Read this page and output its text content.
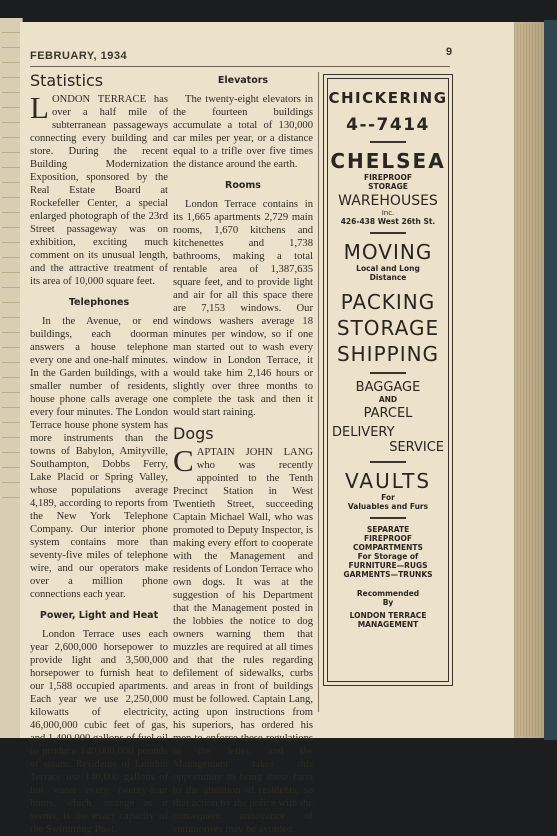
FEBRUARY, 1934	9
Statistics

LONDON TERRACE has over a half mile of subterranean passageways connecting every building and store. During the recent Building Modernization Exposition, sponsored by the Real Estate Board at Rockefeller Center, a special enlarged photograph of the 23rd Street passageway was on exhibition, exciting much comment on its unusual length, and the attractive treatment of its area of 10,000 square feet.

Telephones

In the Avenue, or end buildings, each doorman answers a house telephone every one and one-half minutes. In the Garden buildings, with a smaller number of residents, house phone calls average one every four minutes. The London Terrace house phone system has more instruments than the towns of Babylon, Amityville, Southampton, Dobbs Ferry, Lake Placid or Spring Valley, whose populations average 4,189, according to reports from the New York Telephone Company. Our interior phone system contains more than seventy-five miles of telephone wire, and our operators make over a million phone connections each year.

Power, Light and Heat

London Terrace uses each year 2,600,000 horsepower to provide light and 3,500,000 horsepower to furnish heat to our 1,588 occupied apartments. Each year we use 2,250,000 kilowatts of electricity, 46,000,000 cubic feet of gas, and 1,400,000 gallons of fuel oil to produce 140,000,000 pounds of steam. Residents of London Terrace use 140,000 gallons of hot water every twenty-four hours, which, strange as it seems, is the exact capacity of the Swimming Pool.

Elevators

The twenty-eight elevators in the fourteen buildings accumulate a total of 130,000 car miles per year, or a distance equal to a trifle over five times the distance around the earth.

Rooms

London Terrace contains in its 1,665 apartments 2,729 main rooms, 1,670 kitchens and kitchenettes and 1,738 bathrooms, making a total rentable area of 1,387,635 square feet, and to provide light and air for all this space there are 7,153 windows. Our windows washers average 18 minutes per window, so if one man started out to wash every window in London Terrace, it would take him 2,146 hours or slightly over three months to complete the task and then it would start raining.

Dogs

CAPTAIN JOHN LANG who was recently appointed to the Tenth Precinct Station in West Twentieth Street, succeeding Captain Michael Wall, who was promoted to Deputy Inspector, is making every effort to cooperate with the Management and residents of London Terrace who own dogs. It was at the suggestion of his Department that the Management posted in the lobbies the notice to dog owners warning them that muzzles are required at all times and that the rules regarding defilement of sidewalks, curbs and areas in front of buildings must be followed. Captain Lang, acting upon instructions from his superiors, has ordered his men to enforce these regulations to the letter, and the Management takes this opportunity to bring these facts to the attention of residents, so that action by the police with the consequent annoyance of summonses may be avoided.

CHICKERING
4--7414
CHELSEA
FIREPROOF
STORAGE
WAREHOUSES
Inc.
426-438 West 26th St.
MOVING
Local and Long
Distance
PACKING
STORAGE
SHIPPING
BAGGAGE
AND
PARCEL
DELIVERY
SERVICE
VAULTS
For
Valuables and Furs
SEPARATE
FIREPROOF
COMPARTMENTS
For Storage of
FURNITURE—RUGS
GARMENTS—TRUNKS
Recommended
By
LONDON TERRACE
MANAGEMENT
